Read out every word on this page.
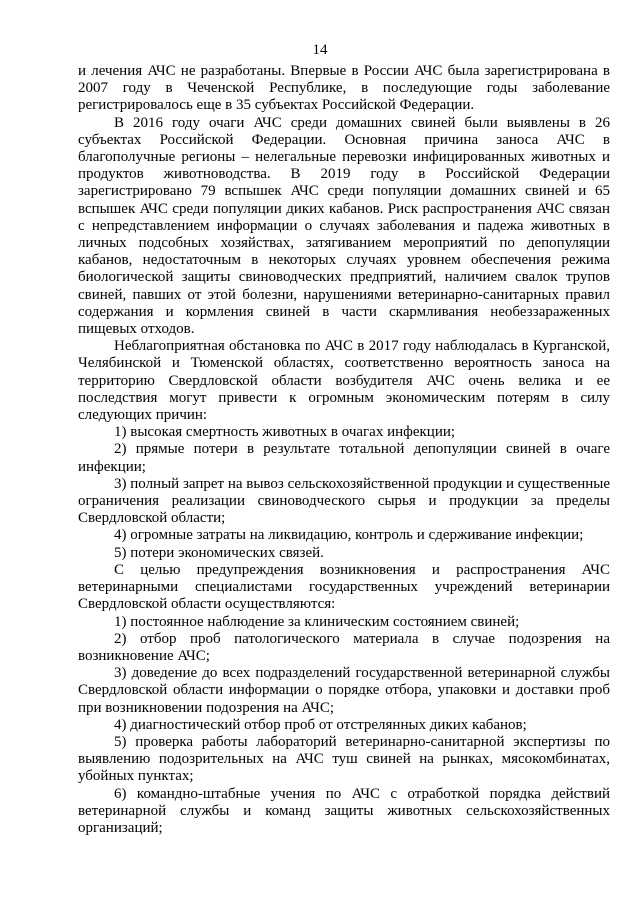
14

и лечения АЧС не разработаны. Впервые в России АЧС была зарегистрирована в 2007 году в Чеченской Республике, в последующие годы заболевание регистрировалось еще в 35 субъектах Российской Федерации.

В 2016 году очаги АЧС среди домашних свиней были выявлены в 26 субъектах Российской Федерации. Основная причина заноса АЧС в благополучные регионы – нелегальные перевозки инфицированных животных и продуктов животноводства. В 2019 году в Российской Федерации зарегистрировано 79 вспышек АЧС среди популяции домашних свиней и 65 вспышек АЧС среди популяции диких кабанов. Риск распространения АЧС связан с непредставлением информации о случаях заболевания и падежа животных в личных подсобных хозяйствах, затягиванием мероприятий по депопуляции кабанов, недостаточным в некоторых случаях уровнем обеспечения режима биологической защиты свиноводческих предприятий, наличием свалок трупов свиней, павших от этой болезни, нарушениями ветеринарно-санитарных правил содержания и кормления свиней в части скармливания необеззараженных пищевых отходов.

Неблагоприятная обстановка по АЧС в 2017 году наблюдалась в Курганской, Челябинской и Тюменской областях, соответственно вероятность заноса на территорию Свердловской области возбудителя АЧС очень велика и ее последствия могут привести к огромным экономическим потерям в силу следующих причин:

1) высокая смертность животных в очагах инфекции;

2) прямые потери в результате тотальной депопуляции свиней в очаге инфекции;

3) полный запрет на вывоз сельскохозяйственной продукции и существенные ограничения реализации свиноводческого сырья и продукции за пределы Свердловской области;

4) огромные затраты на ликвидацию, контроль и сдерживание инфекции;

5) потери экономических связей.

С целью предупреждения возникновения и распространения АЧС ветеринарными специалистами государственных учреждений ветеринарии Свердловской области осуществляются:

1) постоянное наблюдение за клиническим состоянием свиней;

2) отбор проб патологического материала в случае подозрения на возникновение АЧС;

3) доведение до всех подразделений государственной ветеринарной службы Свердловской области информации о порядке отбора, упаковки и доставки проб при возникновении подозрения на АЧС;

4) диагностический отбор проб от отстрелянных диких кабанов;

5) проверка работы лабораторий ветеринарно-санитарной экспертизы по выявлению подозрительных на АЧС туш свиней на рынках, мясокомбинатах, убойных пунктах;

6) командно-штабные учения по АЧС с отработкой порядка действий ветеринарной службы и команд защиты животных сельскохозяйственных организаций;
